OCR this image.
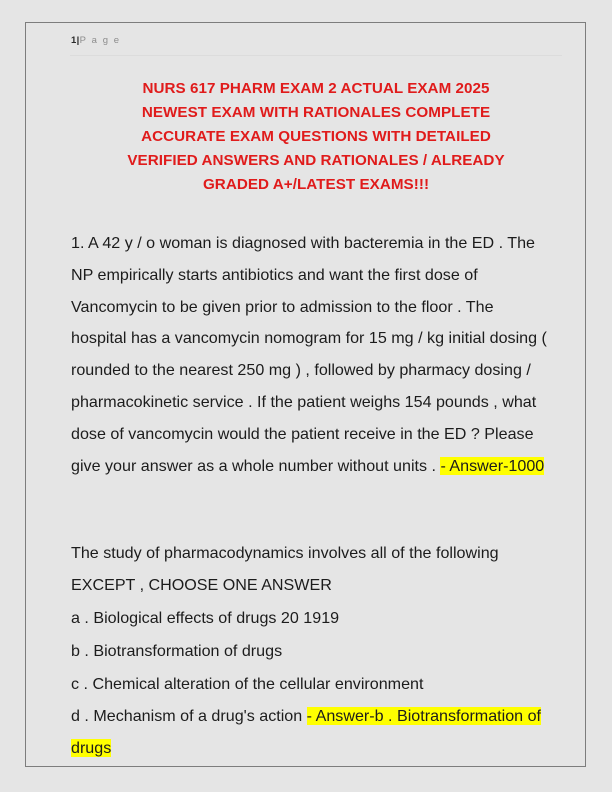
1|P a g e
NURS 617 PHARM EXAM 2 ACTUAL EXAM 2025
NEWEST EXAM WITH RATIONALES COMPLETE
ACCURATE EXAM QUESTIONS WITH DETAILED
VERIFIED ANSWERS AND RATIONALES / ALREADY
GRADED A+/LATEST EXAMS!!!

1. A 42 y / o woman is diagnosed with bacteremia in the ED . The NP empirically starts antibiotics and want the first dose of Vancomycin to be given prior to admission to the floor . The hospital has a vancomycin nomogram for 15 mg / kg initial dosing ( rounded to the nearest 250 mg ) , followed by pharmacy dosing / pharmacokinetic service . If the patient weighs 154 pounds , what dose of vancomycin would the patient receive in the ED ? Please give your answer as a whole number without units . - Answer-1000

The study of pharmacodynamics involves all of the following EXCEPT , CHOOSE ONE ANSWER

a . Biological effects of drugs 20 1919

b . Biotransformation of drugs

c . Chemical alteration of the cellular environment

d . Mechanism of a drug's action - Answer-b . Biotransformation of drugs
